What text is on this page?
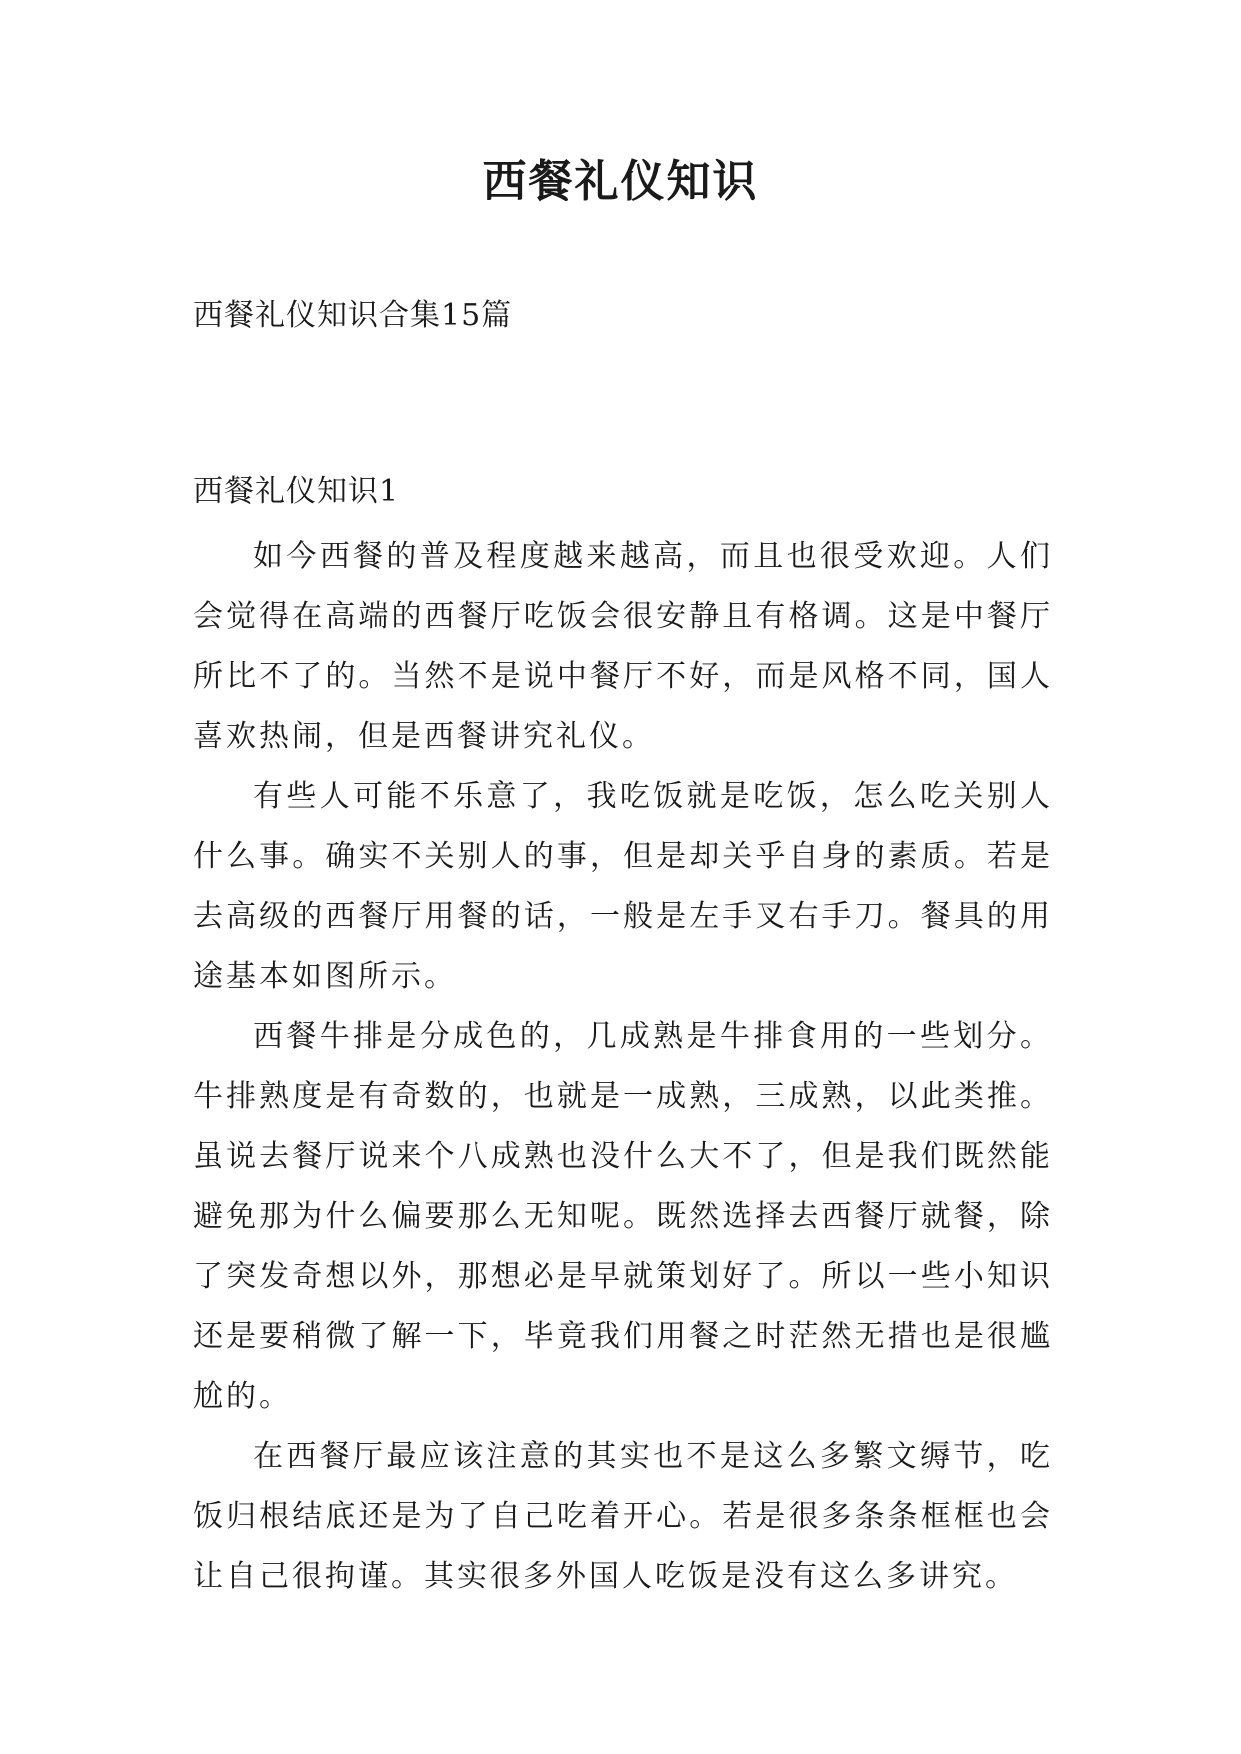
西餐礼仪知识

西餐礼仪知识合集15篇

西餐礼仪知识1

如今西餐的普及程度越来越高，而且也很受欢迎。人们会觉得在高端的西餐厅吃饭会很安静且有格调。这是中餐厅所比不了的。当然不是说中餐厅不好，而是风格不同，国人喜欢热闹，但是西餐讲究礼仪。

有些人可能不乐意了，我吃饭就是吃饭，怎么吃关别人什么事。确实不关别人的事，但是却关乎自身的素质。若是去高级的西餐厅用餐的话，一般是左手叉右手刀。餐具的用途基本如图所示。

西餐牛排是分成色的，几成熟是牛排食用的一些划分。牛排熟度是有奇数的，也就是一成熟，三成熟，以此类推。虽说去餐厅说来个八成熟也没什么大不了，但是我们既然能避免那为什么偏要那么无知呢。既然选择去西餐厅就餐，除了突发奇想以外，那想必是早就策划好了。所以一些小知识还是要稍微了解一下，毕竟我们用餐之时茫然无措也是很尴尬的。

在西餐厅最应该注意的其实也不是这么多繁文缛节，吃饭归根结底还是为了自己吃着开心。若是很多条条框框也会让自己很拘谨。其实很多外国人吃饭是没有这么多讲究。
